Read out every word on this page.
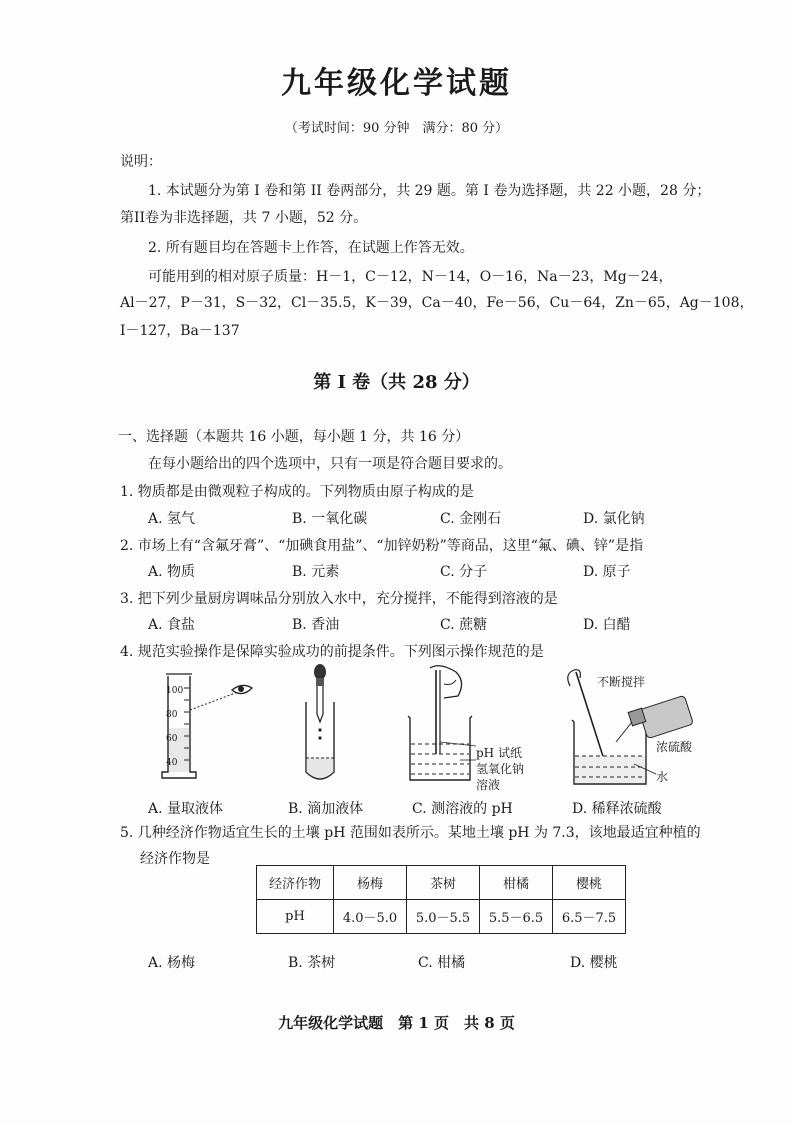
九年级化学试题
（考试时间：90 分钟　满分：80 分）
说明：
1. 本试题分为第 I 卷和第 II 卷两部分，共 29 题。第 I 卷为选择题，共 22 小题，28 分；
第II卷为非选择题，共 7 小题，52 分。
2. 所有题目均在答题卡上作答，在试题上作答无效。
可能用到的相对原子质量：H－1，C－12，N－14，O－16，Na－23，Mg－24，
Al－27，P－31，S－32，Cl－35.5，K－39，Ca－40，Fe－56，Cu－64，Zn－65，Ag－108，
I－127，Ba－137
第 I 卷（共 28 分）
一、选择题（本题共 16 小题，每小题 1 分，共 16 分）
在每小题给出的四个选项中，只有一项是符合题目要求的。
1. 物质都是由微观粒子构成的。下列物质由原子构成的是
A. 氢气	B. 一氧化碳	C. 金刚石	D. 氯化钠
2. 市场上有“含氟牙膏”、“加碘食用盐”、“加锌奶粉”等商品，这里“氟、碘、锌”是指
A. 物质	B. 元素	C. 分子	D. 原子
3. 把下列少量厨房调味品分别放入水中，充分搅拌，不能得到溶液的是
A. 食盐	B. 香油	C. 蔗糖	D. 白醋
4. 规范实验操作是保障实验成功的前提条件。下列图示操作规范的是
100
80
60
40
pH 试纸
氢氧化钠
溶液
不断搅拌
浓硫酸
水
A. 量取液体	B. 滴加液体	C. 测溶液的 pH	D. 稀释浓硫酸
5. 几种经济作物适宜生长的土壤 pH 范围如表所示。某地土壤 pH 为 7.3，该地最适宜种植的
经济作物是
经济作物	杨梅	茶树	柑橘	樱桃
pH	4.0－5.0	5.0－5.5	5.5－6.5	6.5－7.5
A. 杨梅	B. 茶树	C. 柑橘	D. 樱桃
九年级化学试题　第 1 页　共 8 页
